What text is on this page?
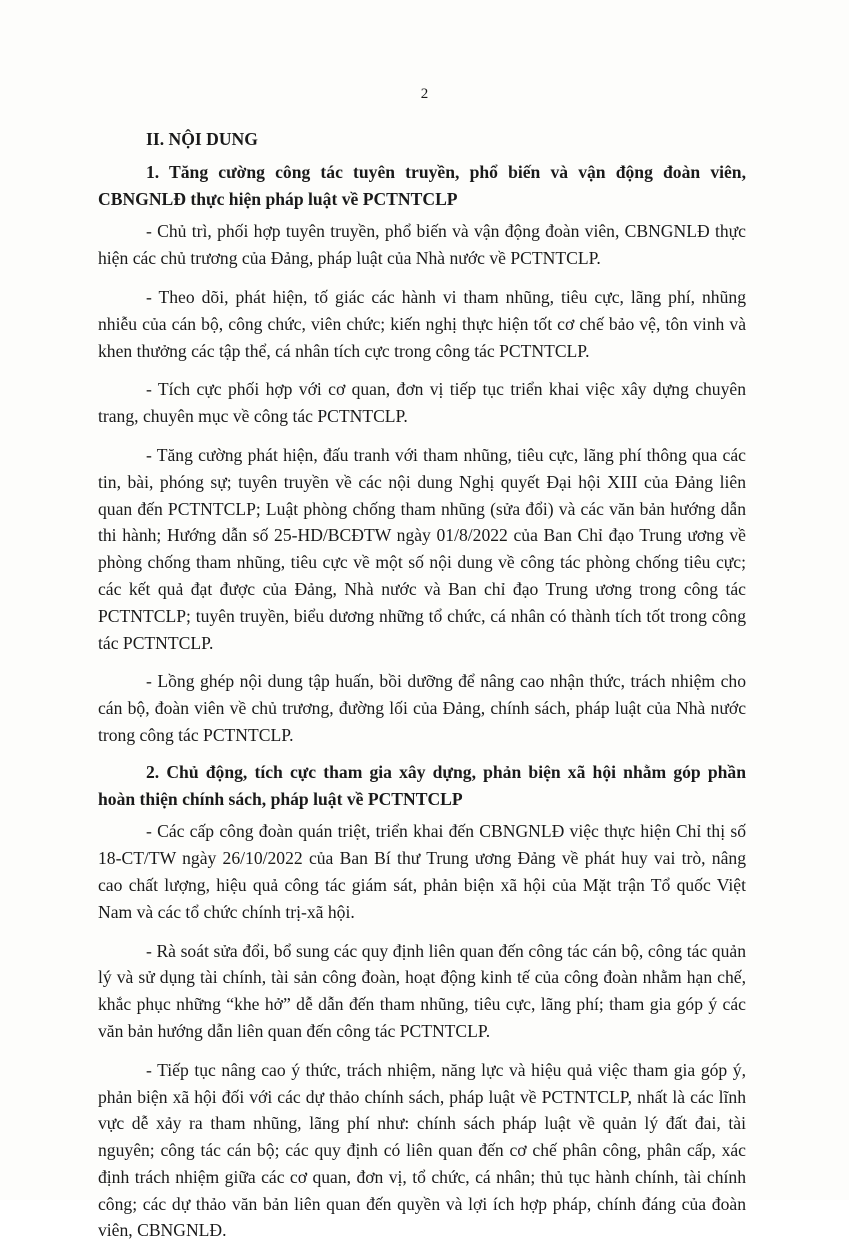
2
II. NỘI DUNG
1. Tăng cường công tác tuyên truyền, phổ biến và vận động đoàn viên, CBNGNLĐ thực hiện pháp luật về PCTNTCLP

- Chủ trì, phối hợp tuyên truyền, phổ biến và vận động đoàn viên, CBNGNLĐ thực hiện các chủ trương của Đảng, pháp luật của Nhà nước về PCTNTCLP.

- Theo dõi, phát hiện, tố giác các hành vi tham nhũng, tiêu cực, lãng phí, nhũng nhiễu của cán bộ, công chức, viên chức; kiến nghị thực hiện tốt cơ chế bảo vệ, tôn vinh và khen thưởng các tập thể, cá nhân tích cực trong công tác PCTNTCLP.

- Tích cực phối hợp với cơ quan, đơn vị tiếp tục triển khai việc xây dựng chuyên trang, chuyên mục về công tác PCTNTCLP.

- Tăng cường phát hiện, đấu tranh với tham nhũng, tiêu cực, lãng phí thông qua các tin, bài, phóng sự; tuyên truyền về các nội dung Nghị quyết Đại hội XIII của Đảng liên quan đến PCTNTCLP; Luật phòng chống tham nhũng (sửa đổi) và các văn bản hướng dẫn thi hành; Hướng dẫn số 25-HD/BCĐTW ngày 01/8/2022 của Ban Chỉ đạo Trung ương về phòng chống tham nhũng, tiêu cực về một số nội dung về công tác phòng chống tiêu cực; các kết quả đạt được của Đảng, Nhà nước và Ban chỉ đạo Trung ương trong công tác PCTNTCLP; tuyên truyền, biểu dương những tổ chức, cá nhân có thành tích tốt trong công tác PCTNTCLP.

- Lồng ghép nội dung tập huấn, bồi dưỡng để nâng cao nhận thức, trách nhiệm cho cán bộ, đoàn viên về chủ trương, đường lối của Đảng, chính sách, pháp luật của Nhà nước trong công tác PCTNTCLP.

2. Chủ động, tích cực tham gia xây dựng, phản biện xã hội nhằm góp phần hoàn thiện chính sách, pháp luật về PCTNTCLP

- Các cấp công đoàn quán triệt, triển khai đến CBNGNLĐ việc thực hiện Chỉ thị số 18-CT/TW ngày 26/10/2022 của Ban Bí thư Trung ương Đảng về phát huy vai trò, nâng cao chất lượng, hiệu quả công tác giám sát, phản biện xã hội của Mặt trận Tổ quốc Việt Nam và các tổ chức chính trị-xã hội.

- Rà soát sửa đổi, bổ sung các quy định liên quan đến công tác cán bộ, công tác quản lý và sử dụng tài chính, tài sản công đoàn, hoạt động kinh tế của công đoàn nhằm hạn chế, khắc phục những “khe hở” dễ dẫn đến tham nhũng, tiêu cực, lãng phí; tham gia góp ý các văn bản hướng dẫn liên quan đến công tác PCTNTCLP.

- Tiếp tục nâng cao ý thức, trách nhiệm, năng lực và hiệu quả việc tham gia góp ý, phản biện xã hội đối với các dự thảo chính sách, pháp luật về PCTNTCLP, nhất là các lĩnh vực dễ xảy ra tham nhũng, lãng phí như: chính sách pháp luật về quản lý đất đai, tài nguyên; công tác cán bộ; các quy định có liên quan đến cơ chế phân công, phân cấp, xác định trách nhiệm giữa các cơ quan, đơn vị, tổ chức, cá nhân; thủ tục hành chính, tài chính công; các dự thảo văn bản liên quan đến quyền và lợi ích hợp pháp, chính đáng của đoàn viên, CBNGNLĐ.
